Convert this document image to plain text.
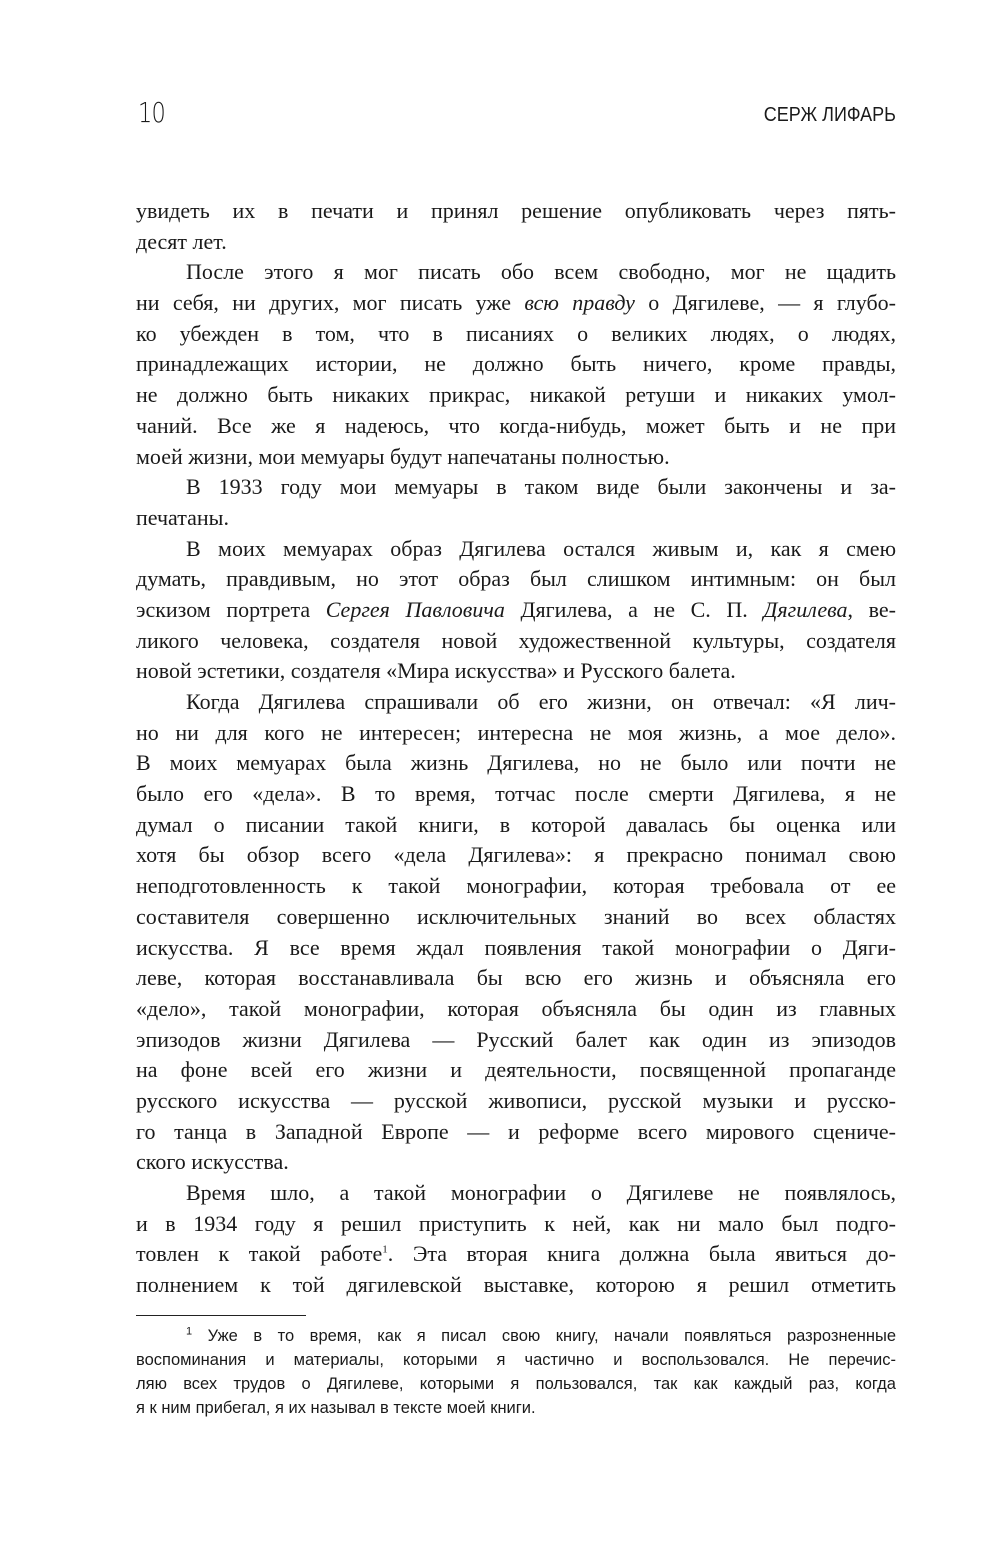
10	СЕРЖ ЛИФАРЬ
увидеть их в печати и принял решение опубликовать через пять-
десят лет.
После этого я мог писать обо всем свободно, мог не щадить
ни себя, ни других, мог писать уже всю правду о Дягилеве, — я глубо-
ко убежден в том, что в писаниях о великих людях, о людях,
принадлежащих истории, не должно быть ничего, кроме правды,
не должно быть никаких прикрас, никакой ретуши и никаких умол-
чаний. Все же я надеюсь, что когда-нибудь, может быть и не при
моей жизни, мои мемуары будут напечатаны полностью.
В 1933 году мои мемуары в таком виде были закончены и за-
печатаны.
В моих мемуарах образ Дягилева остался живым и, как я смею
думать, правдивым, но этот образ был слишком интимным: он был
эскизом портрета Сергея Павловича Дягилева, а не С. П. Дягилева, ве-
ликого человека, создателя новой художественной культуры, создателя
новой эстетики, создателя «Мира искусства» и Русского балета.
Когда Дягилева спрашивали об его жизни, он отвечал: «Я лич-
но ни для кого не интересен; интересна не моя жизнь, а мое дело».
В моих мемуарах была жизнь Дягилева, но не было или почти не
было его «дела». В то время, тотчас после смерти Дягилева, я не
думал о писании такой книги, в которой давалась бы оценка или
хотя бы обзор всего «дела Дягилева»: я прекрасно понимал свою
неподготовленность к такой монографии, которая требовала от ее
составителя совершенно исключительных знаний во всех областях
искусства. Я все время ждал появления такой монографии о Дяги-
леве, которая восстанавливала бы всю его жизнь и объясняла его
«дело», такой монографии, которая объясняла бы один из главных
эпизодов жизни Дягилева — Русский балет как один из эпизодов
на фоне всей его жизни и деятельности, посвященной пропаганде
русского искусства — русской живописи, русской музыки и русско-
го танца в Западной Европе — и реформе всего мирового сцениче-
ского искусства.
Время шло, а такой монографии о Дягилеве не появлялось,
и в 1934 году я решил приступить к ней, как ни мало был подго-
товлен к такой работе$^1$. Эта вторая книга должна была явиться до-
полнением к той дягилевской выставке, которою я решил отметить
$^1$ Уже в то время, как я писал свою книгу, начали появляться разрозненные
воспоминания и материалы, которыми я частично и воспользовался. Не перечис-
ляю всех трудов о Дягилеве, которыми я пользовался, так как каждый раз, когда
я к ним прибегал, я их называл в тексте моей книги.
